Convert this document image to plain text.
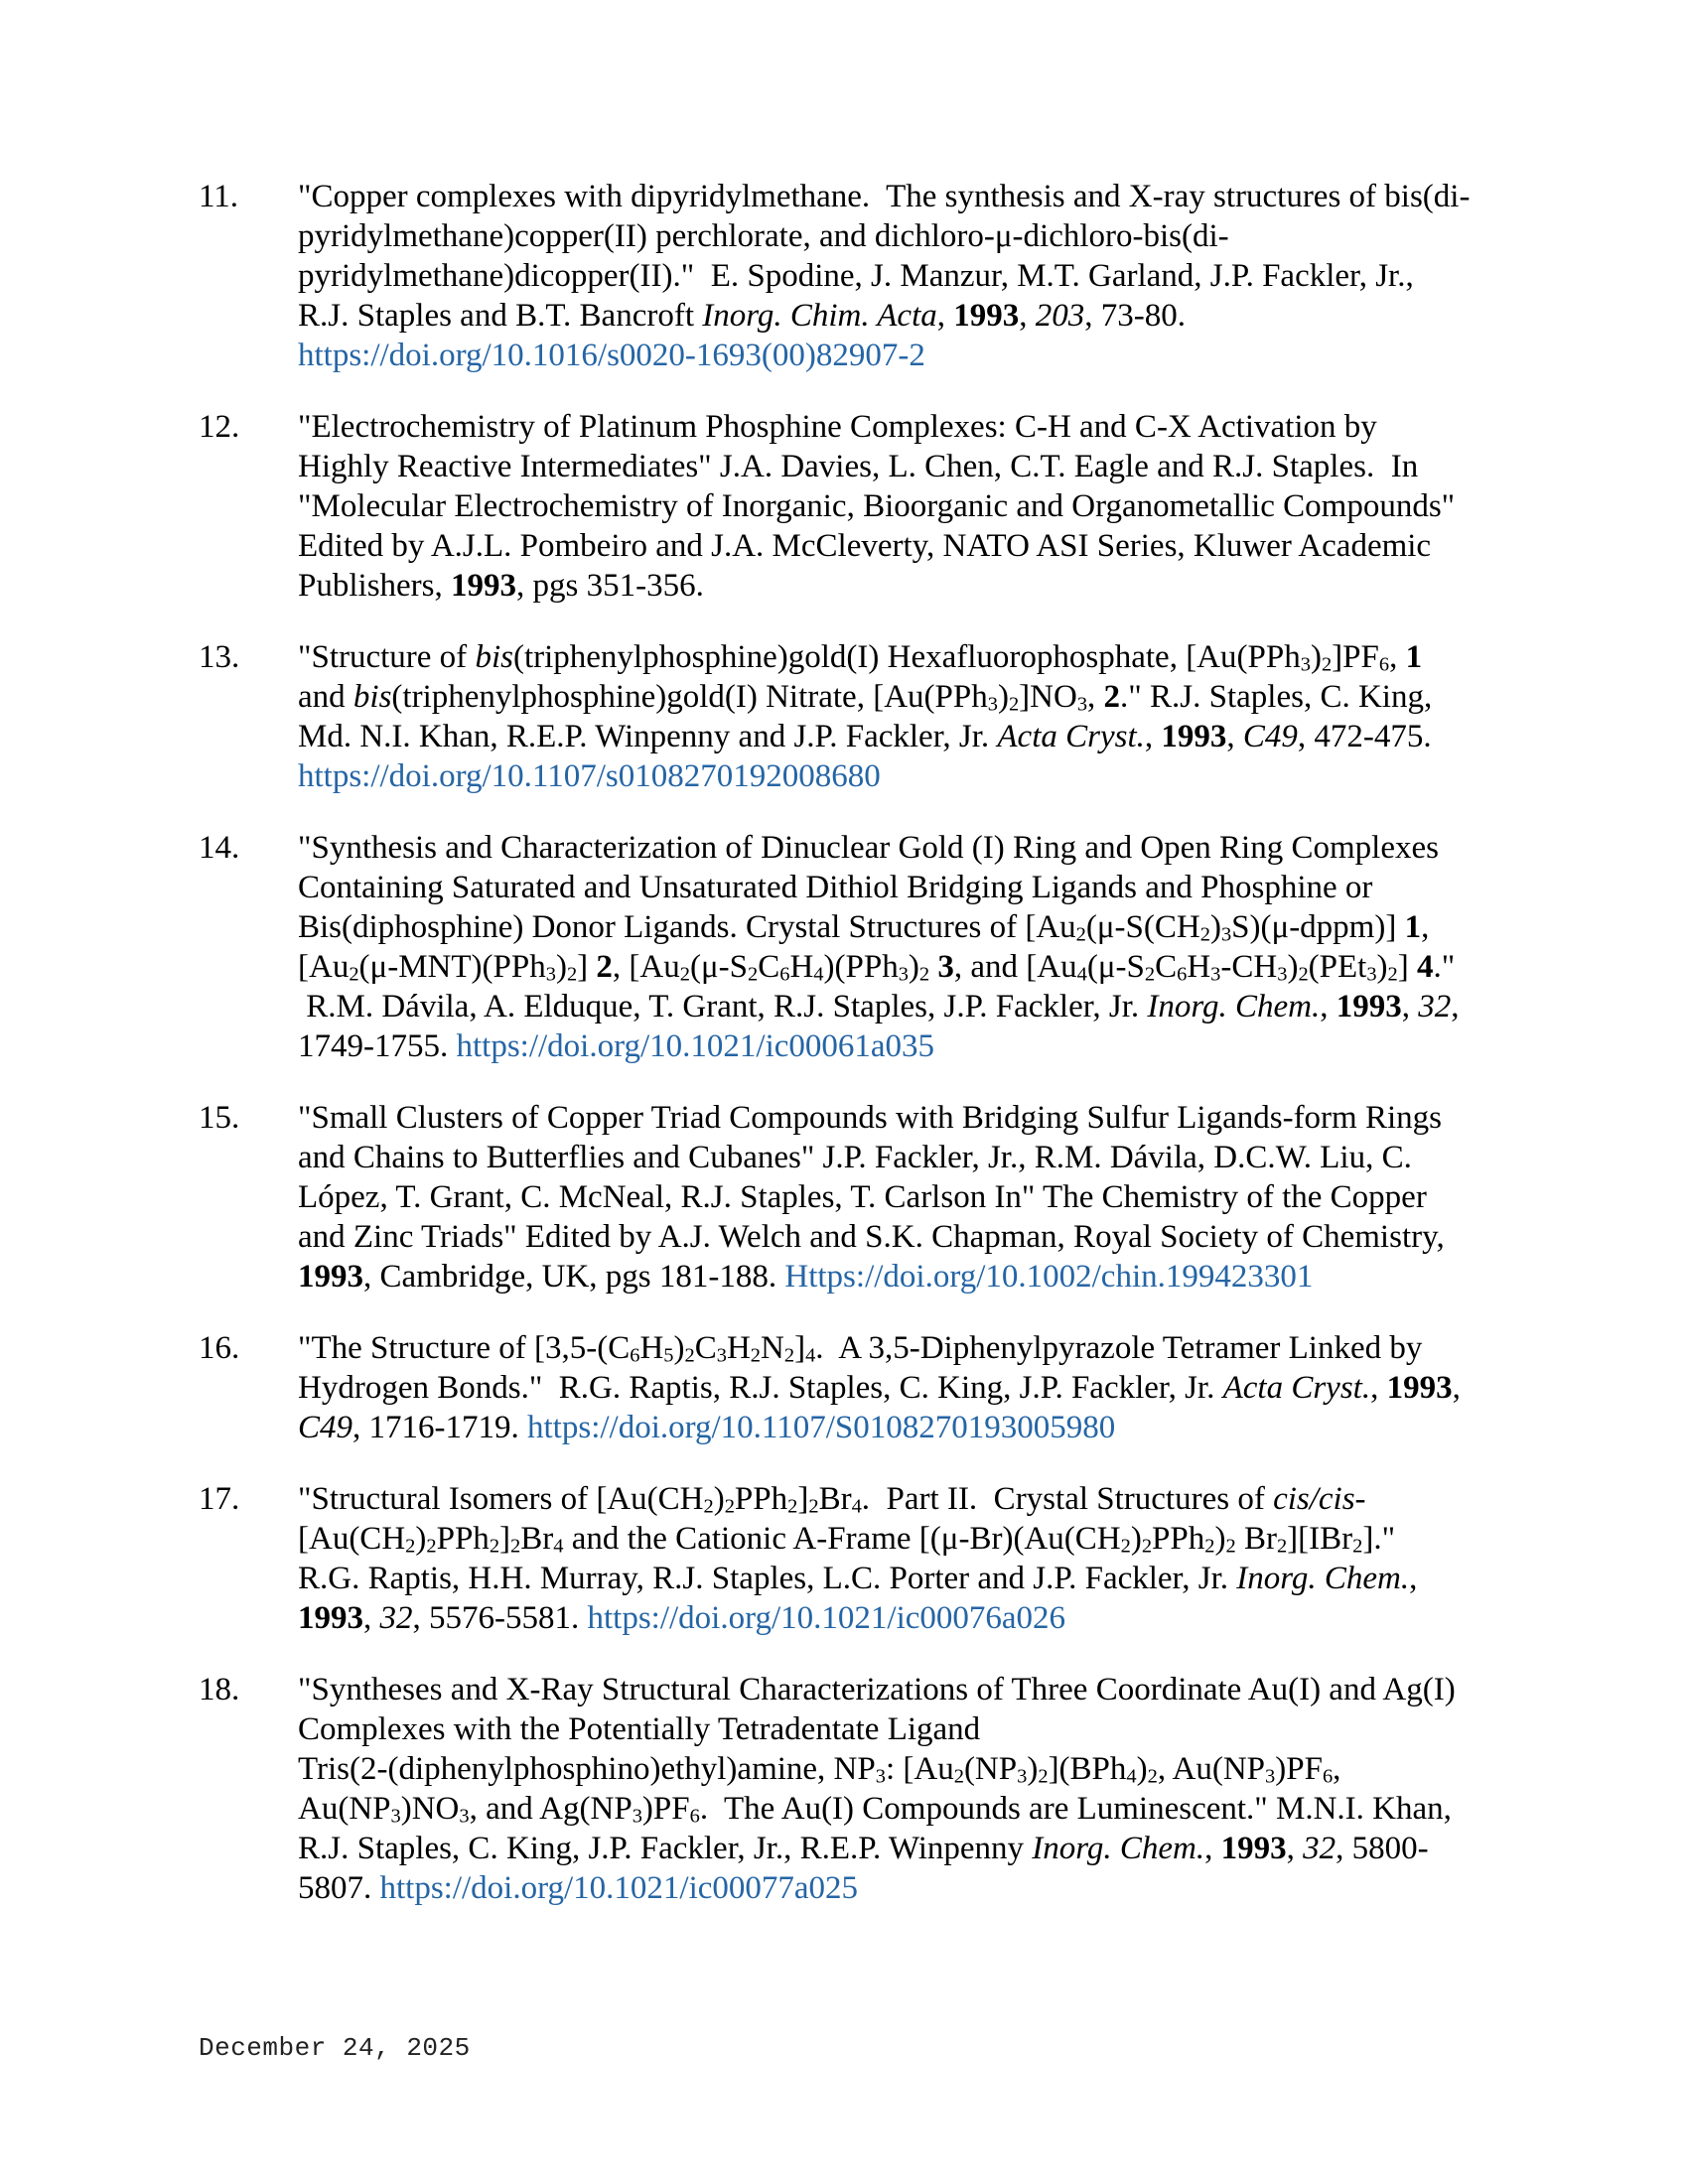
11.	"Copper complexes with dipyridylmethane.  The synthesis and X-ray structures of bis(di-
pyridylmethane)copper(II) perchlorate, and dichloro-μ-dichloro-bis(di-
pyridylmethane)dicopper(II)."  E. Spodine, J. Manzur, M.T. Garland, J.P. Fackler, Jr.,
R.J. Staples and B.T. Bancroft Inorg. Chim. Acta, 1993, 203, 73-80.
https://doi.org/10.1016/s0020-1693(00)82907-2
12.	"Electrochemistry of Platinum Phosphine Complexes: C-H and C-X Activation by
Highly Reactive Intermediates" J.A. Davies, L. Chen, C.T. Eagle and R.J. Staples.  In
"Molecular Electrochemistry of Inorganic, Bioorganic and Organometallic Compounds"
Edited by A.J.L. Pombeiro and J.A. McCleverty, NATO ASI Series, Kluwer Academic
Publishers, 1993, pgs 351-356.
13.	"Structure of bis(triphenylphosphine)gold(I) Hexafluorophosphate, $[Au(PPh_3)_2]PF_6$, 1
and bis(triphenylphosphine)gold(I) Nitrate, $[Au(PPh_3)_2]NO_3$, 2." R.J. Staples, C. King,
Md. N.I. Khan, R.E.P. Winpenny and J.P. Fackler, Jr. Acta Cryst., 1993, C49, 472-475.
https://doi.org/10.1107/s0108270192008680
14.	"Synthesis and Characterization of Dinuclear Gold (I) Ring and Open Ring Complexes
Containing Saturated and Unsaturated Dithiol Bridging Ligands and Phosphine or
Bis(diphosphine) Donor Ligands. Crystal Structures of $[Au_2(\mu-S(CH_2)_3S)(\mu-dppm)]$ 1,
$[Au_2(\mu-MNT)(PPh_3)_2]$ 2, [$Au_2(\mu-S_2C_6H_4)(PPh_3)_2$ 3, and $[Au_4(\mu-S_2C_6H_3-CH_3)_2(PEt_3)_2]$ 4."
R.M. Dávila, A. Elduque, T. Grant, R.J. Staples, J.P. Fackler, Jr. Inorg. Chem., 1993, 32,
1749-1755. https://doi.org/10.1021/ic00061a035
15.	"Small Clusters of Copper Triad Compounds with Bridging Sulfur Ligands-form Rings
and Chains to Butterflies and Cubanes" J.P. Fackler, Jr., R.M. Dávila, D.C.W. Liu, C.
López, T. Grant, C. McNeal, R.J. Staples, T. Carlson In" The Chemistry of the Copper
and Zinc Triads" Edited by A.J. Welch and S.K. Chapman, Royal Society of Chemistry,
1993, Cambridge, UK, pgs 181-188. Https://doi.org/10.1002/chin.199423301
16.	"The Structure of $[3,5-(C_6H_5)_2C_3H_2N_2]_4$.  A 3,5-Diphenylpyrazole Tetramer Linked by
Hydrogen Bonds."  R.G. Raptis, R.J. Staples, C. King, J.P. Fackler, Jr. Acta Cryst., 1993,
C49, 1716-1719. https://doi.org/10.1107/S0108270193005980
17.	"Structural Isomers of $[Au(CH_2)_2PPh_2]_2Br_4$.  Part II.  Crystal Structures of cis/cis-
$[Au(CH_2)_2PPh_2]_2Br_4$ and the Cationic A-Frame [$(\mu-Br)(Au(CH_2)_2PPh_2)_2$ $Br_2][IBr_2]$."
R.G. Raptis, H.H. Murray, R.J. Staples, L.C. Porter and J.P. Fackler, Jr. Inorg. Chem.,
1993, 32, 5576-5581. https://doi.org/10.1021/ic00076a026
18.	"Syntheses and X-Ray Structural Characterizations of Three Coordinate Au(I) and Ag(I)
Complexes with the Potentially Tetradentate Ligand
Tris(2-(diphenylphosphino)ethyl)amine, $NP_3$: $[Au_2(NP_3)_2](BPh_4)_2$, $Au(NP_3)PF_6$,
$Au(NP_3)NO_3$, and $Ag(NP_3)PF_6$.  The Au(I) Compounds are Luminescent." M.N.I. Khan,
R.J. Staples, C. King, J.P. Fackler, Jr., R.E.P. Winpenny Inorg. Chem., 1993, 32, 5800-
5807. https://doi.org/10.1021/ic00077a025
December 24, 2025
